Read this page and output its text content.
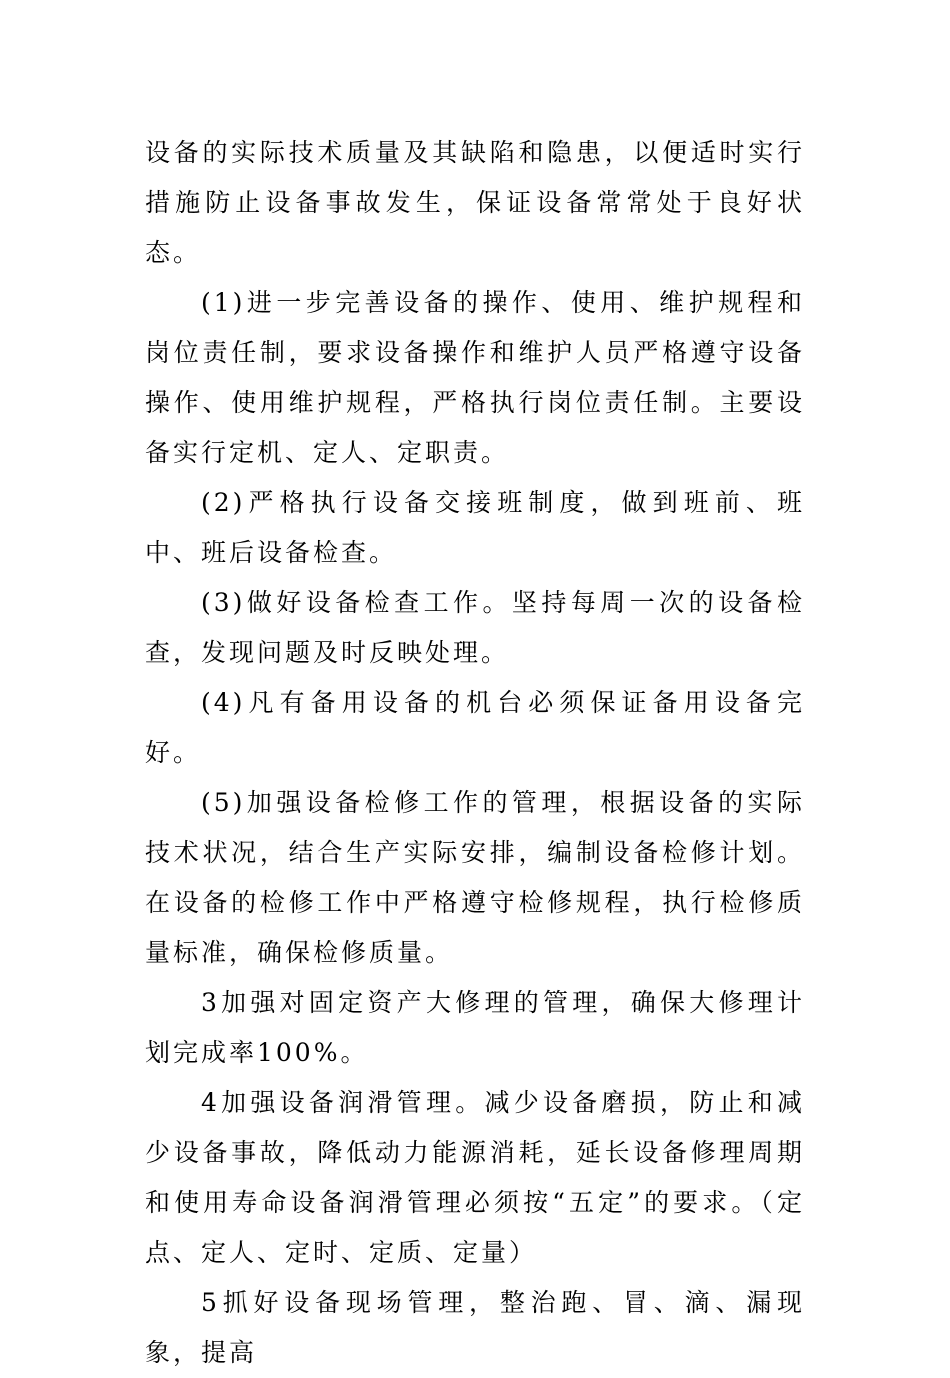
设备的实际技术质量及其缺陷和隐患，以便适时实行措施防止设备事故发生，保证设备常常处于良好状态。

(1)进一步完善设备的操作、使用、维护规程和岗位责任制，要求设备操作和维护人员严格遵守设备操作、使用维护规程，严格执行岗位责任制。主要设备实行定机、定人、定职责。

(2)严格执行设备交接班制度，做到班前、班中、班后设备检查。

(3)做好设备检查工作。坚持每周一次的设备检查，发现问题及时反映处理。

(4)凡有备用设备的机台必须保证备用设备完好。

(5)加强设备检修工作的管理，根据设备的实际技术状况，结合生产实际安排，编制设备检修计划。在设备的检修工作中严格遵守检修规程，执行检修质量标准，确保检修质量。

3加强对固定资产大修理的管理，确保大修理计划完成率100%。

4加强设备润滑管理。减少设备磨损，防止和减少设备事故，降低动力能源消耗，延长设备修理周期和使用寿命设备润滑管理必须按“五定”的要求。（定点、定人、定时、定质、定量）

5抓好设备现场管理，整治跑、冒、滴、漏现象，提高
